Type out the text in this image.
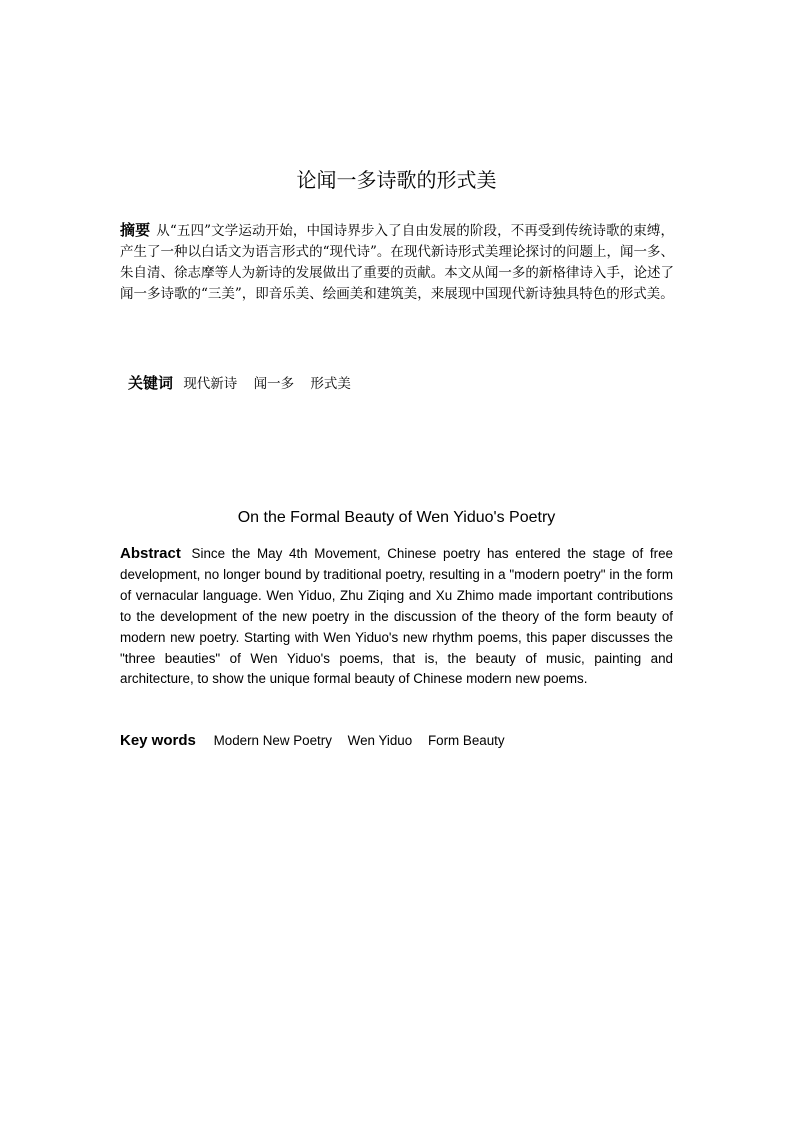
论闻一多诗歌的形式美
摘要 从“五四”文学运动开始，中国诗界步入了自由发展的阶段，不再受到传统诗歌的束缚，产生了一种以白话文为语言形式的“现代诗”。在现代新诗形式美理论探讨的问题上，闻一多、朱自清、徐志摩等人为新诗的发展做出了重要的贡献。本文从闻一多的新格律诗入手，论述了闻一多诗歌的“三美”，即音乐美、绘画美和建筑美，来展现中国现代新诗独具特色的形式美。
关键词 现代新诗 闻一多 形式美
On the Formal Beauty of Wen Yiduo's Poetry
Abstract Since the May 4th Movement, Chinese poetry has entered the stage of free development, no longer bound by traditional poetry, resulting in a "modern poetry" in the form of vernacular language. Wen Yiduo, Zhu Ziqing and Xu Zhimo made important contributions to the development of the new poetry in the discussion of the theory of the form beauty of modern new poetry. Starting with Wen Yiduo's new rhythm poems, this paper discusses the "three beauties" of Wen Yiduo's poems, that is, the beauty of music, painting and architecture, to show the unique formal beauty of Chinese modern new poems.
Key words Modern New Poetry Wen Yiduo Form Beauty
